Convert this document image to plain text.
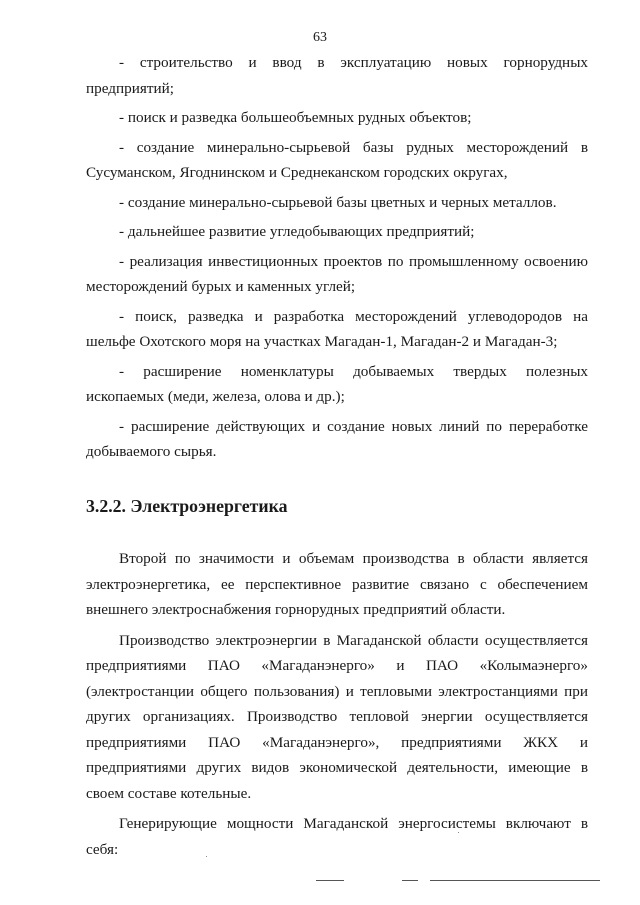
63

- строительство и ввод в эксплуатацию новых горнорудных предприятий;

- поиск и разведка большеобъемных рудных объектов;

- создание минерально-сырьевой базы рудных месторождений в Сусуманском, Ягоднинском и Среднеканском городских округах,

- создание минерально-сырьевой базы цветных и черных металлов.

- дальнейшее развитие угледобывающих предприятий;

- реализация инвестиционных проектов по промышленному освоению месторождений бурых и каменных углей;

- поиск, разведка и разработка месторождений углеводородов на шельфе Охотского моря на участках Магадан-1, Магадан-2 и Магадан-3;

- расширение номенклатуры добываемых твердых полезных ископаемых (меди, железа, олова и др.);

- расширение действующих и создание новых линий по переработке добываемого сырья.

3.2.2. Электроэнергетика

Второй по значимости и объемам производства в области является электроэнергетика, ее перспективное развитие связано с обеспечением внешнего электроснабжения горнорудных предприятий области.

Производство электроэнергии в Магаданской области осуществляется предприятиями ПАО «Магаданэнерго» и ПАО «Колымаэнерго» (электростанции общего пользования) и тепловыми электростанциями при других организациях. Производство тепловой энергии осуществляется предприятиями ПАО «Магаданэнерго», предприятиями ЖКХ и предприятиями других видов экономической деятельности, имеющие в своем составе котельные.

Генерирующие мощности Магаданской энергосистемы включают в себя:
